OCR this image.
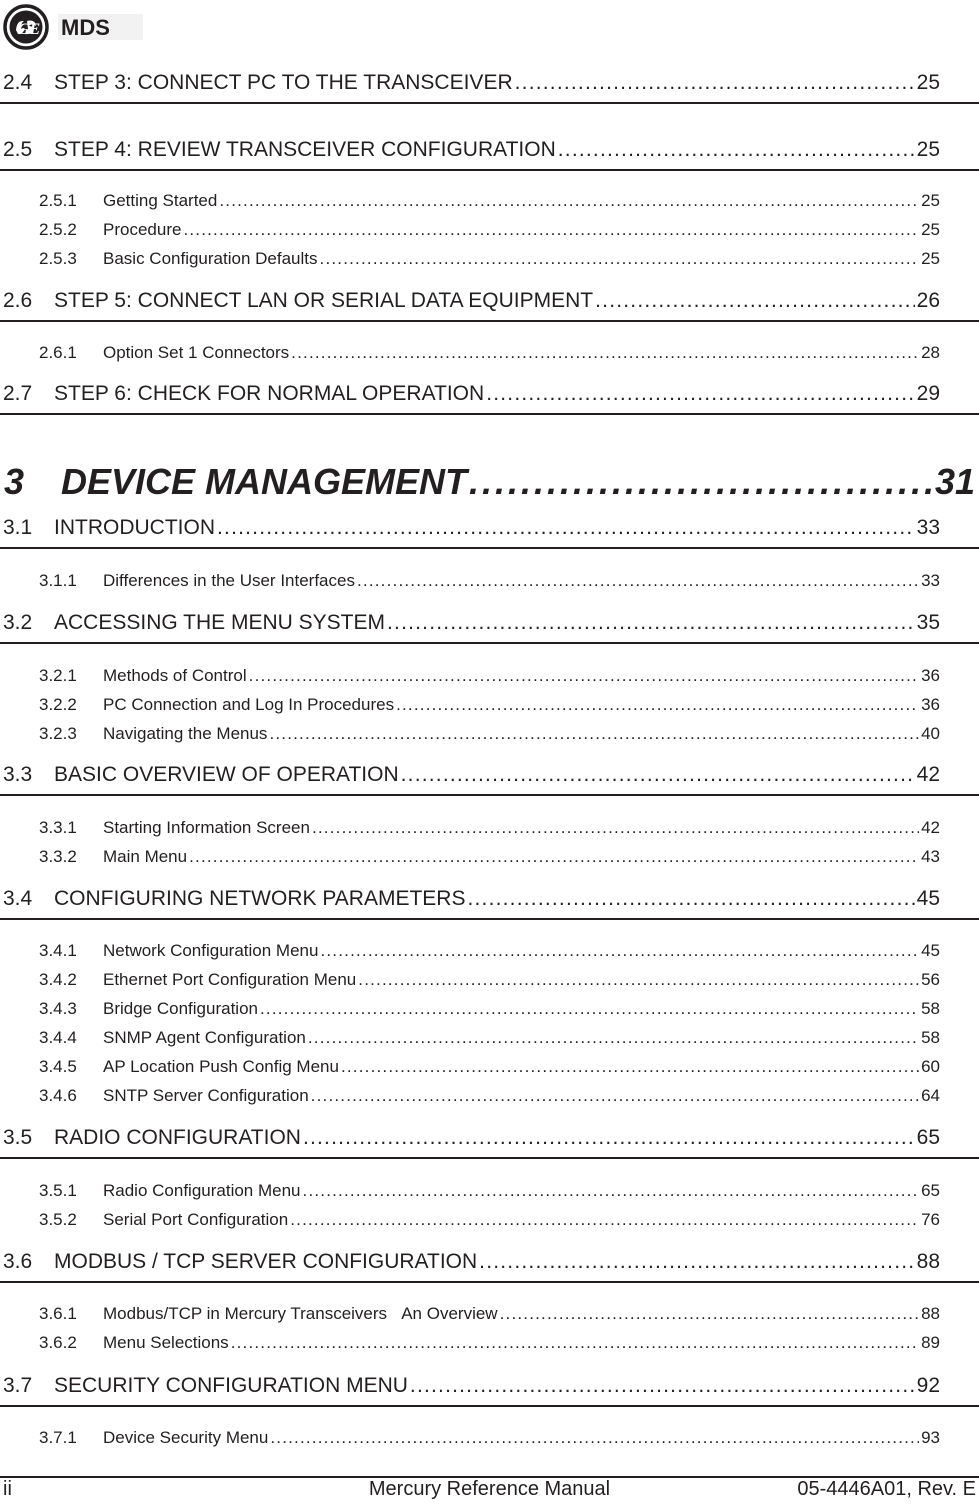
GE MDS
2.4	STEP 3: CONNECT PC TO THE TRANSCEIVER .....	25
2.5	STEP 4: REVIEW TRANSCEIVER CONFIGURATION .....	25
2.5.1	Getting Started .....	25
2.5.2	Procedure .....	25
2.5.3	Basic Configuration Defaults .....	25
2.6	STEP 5: CONNECT LAN OR SERIAL DATA EQUIPMENT .....	26
2.6.1	Option Set 1 Connectors .....	28
2.7	STEP 6: CHECK FOR NORMAL OPERATION .....	29
3	DEVICE MANAGEMENT .....	31
3.1	INTRODUCTION .....	33
3.1.1	Differences in the User Interfaces .....	33
3.2	ACCESSING THE MENU SYSTEM .....	35
3.2.1	Methods of Control .....	36
3.2.2	PC Connection and Log In Procedures .....	36
3.2.3	Navigating the Menus .....	40
3.3	BASIC OVERVIEW OF OPERATION .....	42
3.3.1	Starting Information Screen .....	42
3.3.2	Main Menu .....	43
3.4	CONFIGURING NETWORK PARAMETERS .....	45
3.4.1	Network Configuration Menu .....	45
3.4.2	Ethernet Port Configuration Menu .....	56
3.4.3	Bridge Configuration .....	58
3.4.4	SNMP Agent Configuration .....	58
3.4.5	AP Location Push Config Menu .....	60
3.4.6	SNTP Server Configuration .....	64
3.5	RADIO CONFIGURATION .....	65
3.5.1	Radio Configuration Menu .....	65
3.5.2	Serial Port Configuration .....	76
3.6	MODBUS / TCP SERVER CONFIGURATION .....	88
3.6.1	Modbus/TCP in Mercury Transceivers   An Overview .....	88
3.6.2	Menu Selections .....	89
3.7	SECURITY CONFIGURATION MENU .....	92
3.7.1	Device Security Menu .....	93
ii	Mercury Reference Manual	05-4446A01, Rev. E
